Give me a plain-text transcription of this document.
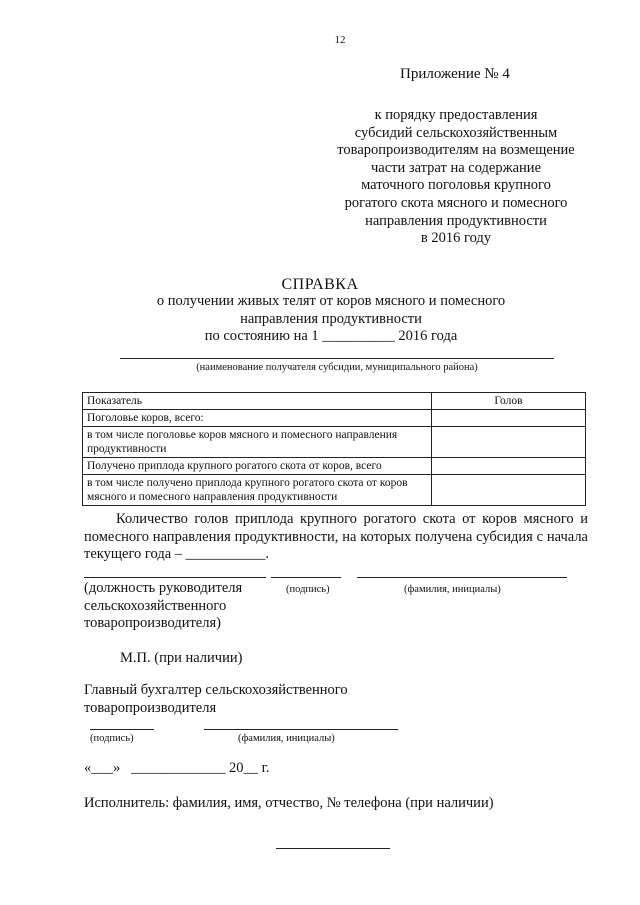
12
Приложение № 4
к порядку предоставления
субсидий сельскохозяйственным
товаропроизводителям на возмещение
части затрат на содержание
маточного поголовья крупного
рогатого скота мясного и помесного
направления продуктивности
в 2016 году
СПРАВКА
о получении живых телят от коров мясного и помесного
направления продуктивности
по состоянию на 1 __________ 2016 года
(наименование получателя субсидии, муниципального района)
Показатель	Голов
Поголовье коров, всего:	
в том числе поголовье коров мясного и помесного направления продуктивности	
Получено приплода крупного рогатого скота от коров, всего	
в том числе получено приплода крупного рогатого скота от коров мясного и помесного направления продуктивности	
Количество голов приплода крупного рогатого скота от коров мясного и помесного направления продуктивности, на которых получена субсидия с начала текущего года – ___________.
(должность руководителя
сельскохозяйственного
товаропроизводителя)
(подпись)	(фамилия, инициалы)
М.П. (при наличии)
Главный бухгалтер сельскохозяйственного
товаропроизводителя
(подпись)	(фамилия, инициалы)
«___» _____________ 20__ г.
Исполнитель: фамилия, имя, отчество, № телефона (при наличии)
